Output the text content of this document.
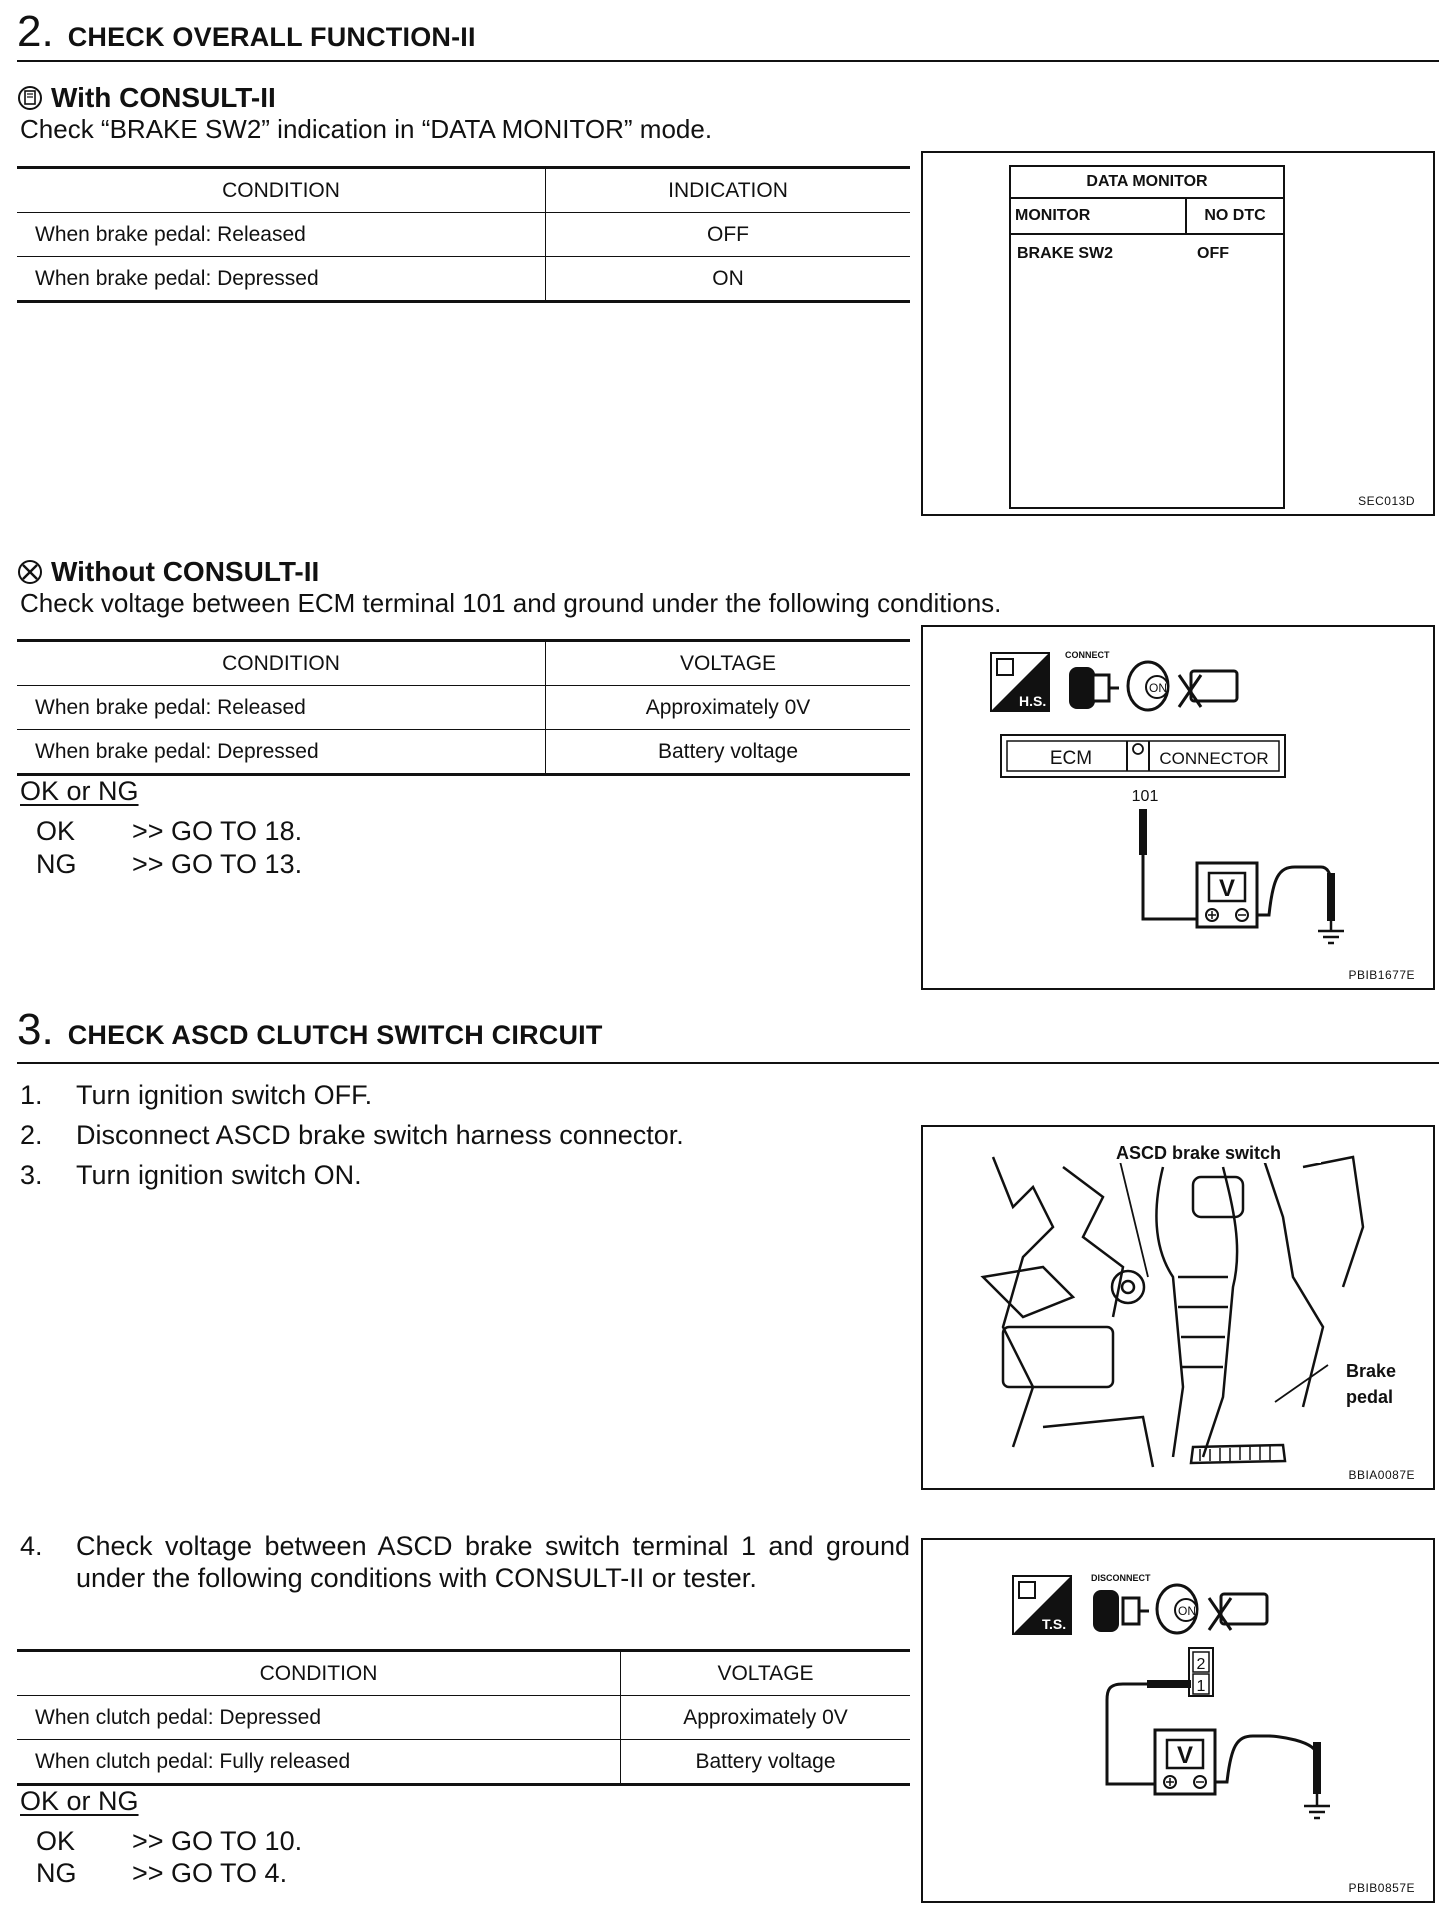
2. CHECK OVERALL FUNCTION-II
With CONSULT-II
Check “BRAKE SW2” indication in “DATA MONITOR” mode.
CONDITION	INDICATION
When brake pedal: Released	OFF
When brake pedal: Depressed	ON
DATA MONITOR
MONITOR	NO DTC
BRAKE SW2	OFF
SEC013D
Without CONSULT-II
Check voltage between ECM terminal 101 and ground under the following conditions.
CONDITION	VOLTAGE
When brake pedal: Released	Approximately 0V
When brake pedal: Depressed	Battery voltage
OK or NG
OK	>> GO TO 18.
NG	>> GO TO 13.
H.S.
CONNECT
ON
ECM	CONNECTOR
101
V
PBIB1677E
3. CHECK ASCD CLUTCH SWITCH CIRCUIT
1.	Turn ignition switch OFF.
2.	Disconnect ASCD brake switch harness connector.
3.	Turn ignition switch ON.
ASCD brake switch
Brake
pedal
BBIA0087E
4.	Check voltage between ASCD brake switch terminal 1 and ground under the following conditions with CONSULT-II or tester.
CONDITION	VOLTAGE
When clutch pedal: Depressed	Approximately 0V
When clutch pedal: Fully released	Battery voltage
OK or NG
OK	>> GO TO 10.
NG	>> GO TO 4.
T.S.
DISCONNECT
ON
2
1
V
PBIB0857E
